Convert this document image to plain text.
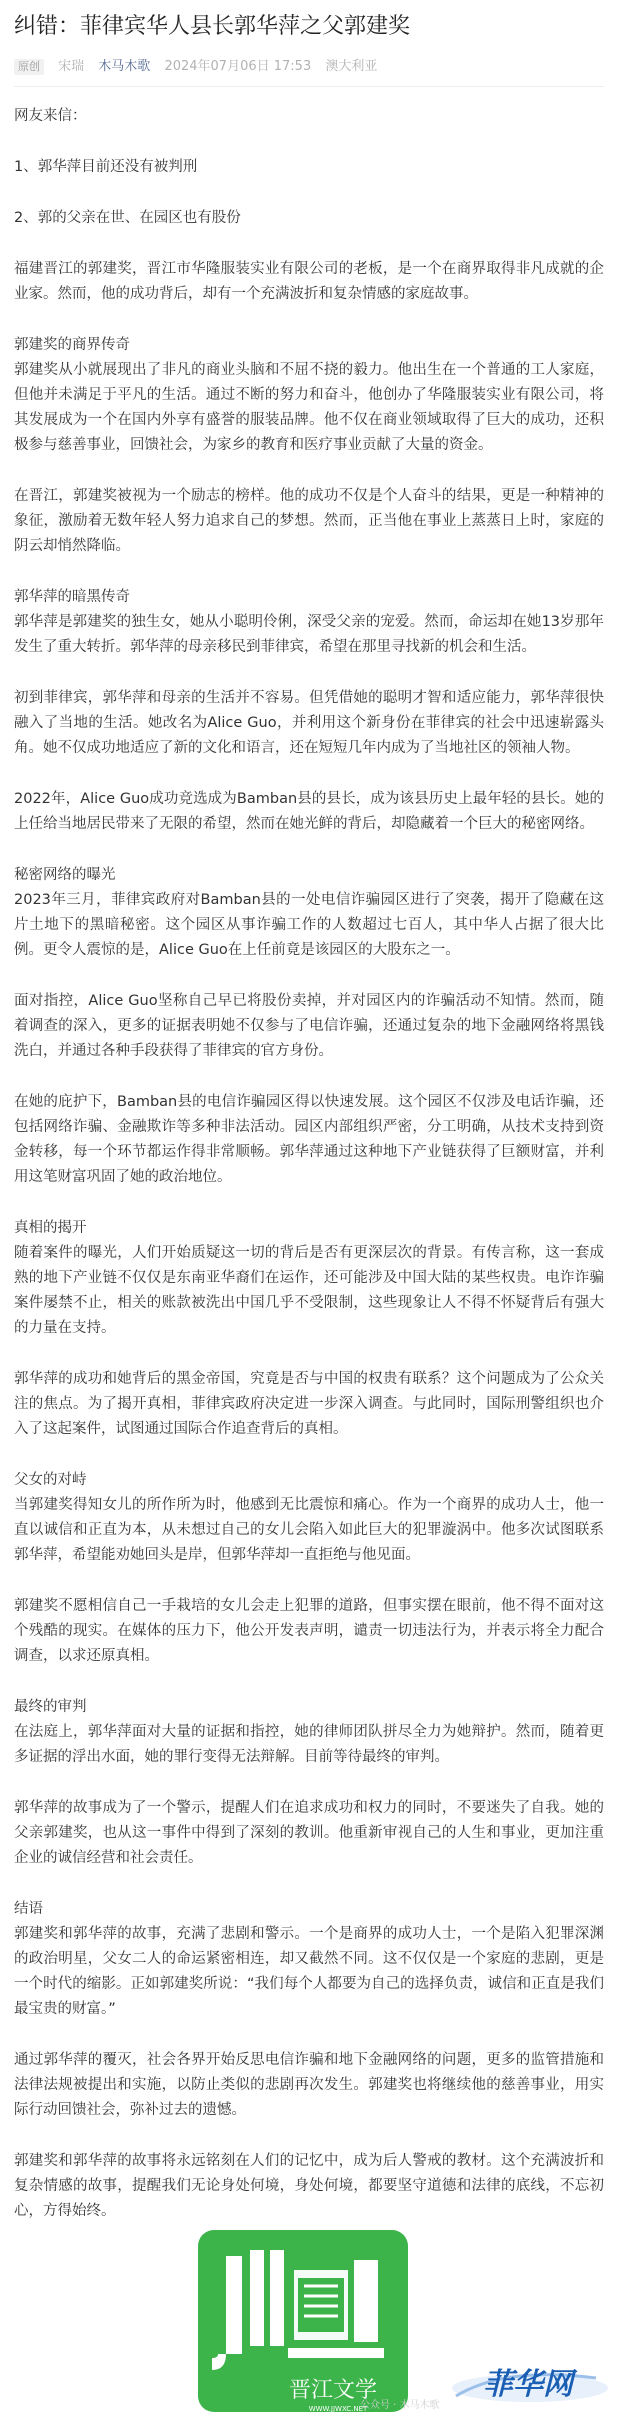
纠错：菲律宾华人县长郭华萍之父郭建奖
原创 宋瑞 木马木歌 2024年07月06日 17:53 澳大利亚

网友来信：

1、郭华萍目前还没有被判刑

2、郭的父亲在世、在园区也有股份

福建晋江的郭建奖，晋江市华隆服装实业有限公司的老板，是一个在商界取得非凡成就的企业家。然而，他的成功背后，却有一个充满波折和复杂情感的家庭故事。

郭建奖的商界传奇

郭建奖从小就展现出了非凡的商业头脑和不屈不挠的毅力。他出生在一个普通的工人家庭，但他并未满足于平凡的生活。通过不断的努力和奋斗，他创办了华隆服装实业有限公司，将其发展成为一个在国内外享有盛誉的服装品牌。他不仅在商业领域取得了巨大的成功，还积极参与慈善事业，回馈社会，为家乡的教育和医疗事业贡献了大量的资金。

在晋江，郭建奖被视为一个励志的榜样。他的成功不仅是个人奋斗的结果，更是一种精神的象征，激励着无数年轻人努力追求自己的梦想。然而，正当他在事业上蒸蒸日上时，家庭的阴云却悄然降临。

郭华萍的暗黑传奇

郭华萍是郭建奖的独生女，她从小聪明伶俐，深受父亲的宠爱。然而，命运却在她13岁那年发生了重大转折。郭华萍的母亲移民到菲律宾，希望在那里寻找新的机会和生活。

初到菲律宾，郭华萍和母亲的生活并不容易。但凭借她的聪明才智和适应能力，郭华萍很快融入了当地的生活。她改名为Alice Guo，并利用这个新身份在菲律宾的社会中迅速崭露头角。她不仅成功地适应了新的文化和语言，还在短短几年内成为了当地社区的领袖人物。

2022年，Alice Guo成功竞选成为Bamban县的县长，成为该县历史上最年轻的县长。她的上任给当地居民带来了无限的希望，然而在她光鲜的背后，却隐藏着一个巨大的秘密网络。

秘密网络的曝光

2023年三月，菲律宾政府对Bamban县的一处电信诈骗园区进行了突袭，揭开了隐藏在这片土地下的黑暗秘密。这个园区从事诈骗工作的人数超过七百人，其中华人占据了很大比例。更令人震惊的是，Alice Guo在上任前竟是该园区的大股东之一。

面对指控，Alice Guo坚称自己早已将股份卖掉，并对园区内的诈骗活动不知情。然而，随着调查的深入，更多的证据表明她不仅参与了电信诈骗，还通过复杂的地下金融网络将黑钱洗白，并通过各种手段获得了菲律宾的官方身份。

在她的庇护下，Bamban县的电信诈骗园区得以快速发展。这个园区不仅涉及电话诈骗，还包括网络诈骗、金融欺诈等多种非法活动。园区内部组织严密，分工明确，从技术支持到资金转移，每一个环节都运作得非常顺畅。郭华萍通过这种地下产业链获得了巨额财富，并利用这笔财富巩固了她的政治地位。

真相的揭开

随着案件的曝光，人们开始质疑这一切的背后是否有更深层次的背景。有传言称，这一套成熟的地下产业链不仅仅是东南亚华裔们在运作，还可能涉及中国大陆的某些权贵。电诈诈骗案件屡禁不止，相关的账款被洗出中国几乎不受限制，这些现象让人不得不怀疑背后有强大的力量在支持。

郭华萍的成功和她背后的黑金帝国，究竟是否与中国的权贵有联系？这个问题成为了公众关注的焦点。为了揭开真相，菲律宾政府决定进一步深入调查。与此同时，国际刑警组织也介入了这起案件，试图通过国际合作追查背后的真相。

父女的对峙

当郭建奖得知女儿的所作所为时，他感到无比震惊和痛心。作为一个商界的成功人士，他一直以诚信和正直为本，从未想过自己的女儿会陷入如此巨大的犯罪漩涡中。他多次试图联系郭华萍，希望能劝她回头是岸，但郭华萍却一直拒绝与他见面。

郭建奖不愿相信自己一手栽培的女儿会走上犯罪的道路，但事实摆在眼前，他不得不面对这个残酷的现实。在媒体的压力下，他公开发表声明，谴责一切违法行为，并表示将全力配合调查，以求还原真相。

最终的审判

在法庭上，郭华萍面对大量的证据和指控，她的律师团队拼尽全力为她辩护。然而，随着更多证据的浮出水面，她的罪行变得无法辩解。目前等待最终的审判。

郭华萍的故事成为了一个警示，提醒人们在追求成功和权力的同时，不要迷失了自我。她的父亲郭建奖，也从这一事件中得到了深刻的教训。他重新审视自己的人生和事业，更加注重企业的诚信经营和社会责任。

结语

郭建奖和郭华萍的故事，充满了悲剧和警示。一个是商界的成功人士，一个是陷入犯罪深渊的政治明星，父女二人的命运紧密相连，却又截然不同。这不仅仅是一个家庭的悲剧，更是一个时代的缩影。正如郭建奖所说：“我们每个人都要为自己的选择负责，诚信和正直是我们最宝贵的财富。”

通过郭华萍的覆灭，社会各界开始反思电信诈骗和地下金融网络的问题，更多的监管措施和法律法规被提出和实施，以防止类似的悲剧再次发生。郭建奖也将继续他的慈善事业，用实际行动回馈社会，弥补过去的遗憾。

郭建奖和郭华萍的故事将永远铭刻在人们的记忆中，成为后人警戒的教材。这个充满波折和复杂情感的故事，提醒我们无论身处何境，身处何境，都要坚守道德和法律的底线，不忘初心，方得始终。

晋江文学
WWW.JJWXC.NET
公众号 · 木马木歌
菲华网
